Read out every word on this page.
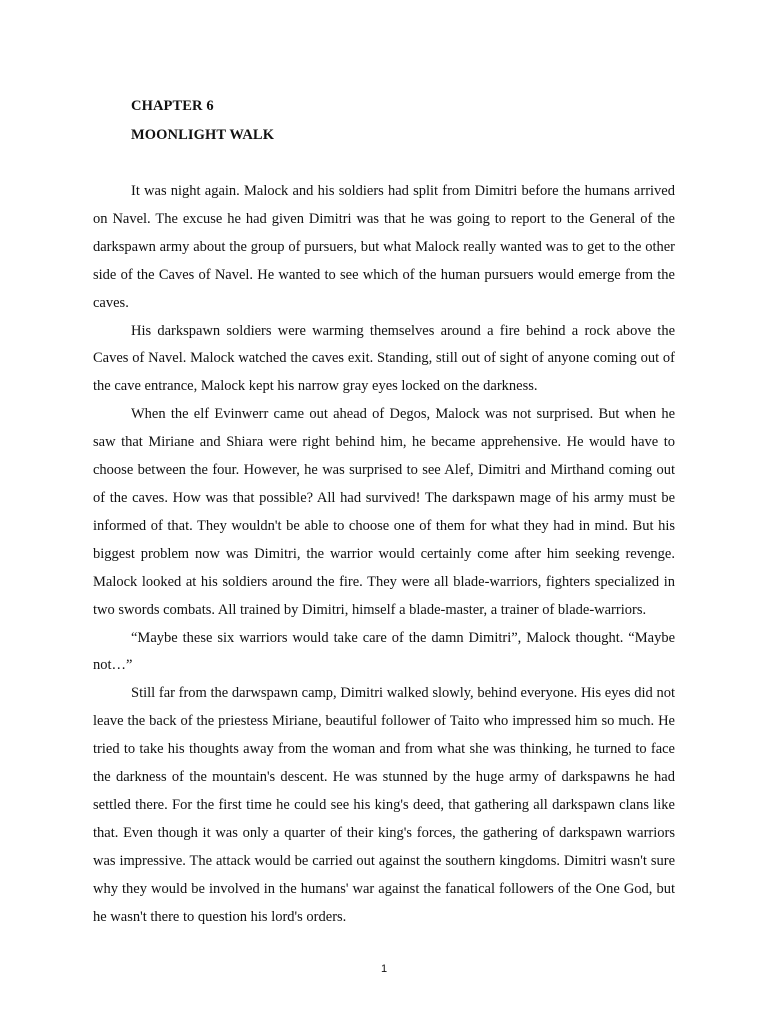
CHAPTER 6
MOONLIGHT WALK

It was night again. Malock and his soldiers had split from Dimitri before the humans arrived on Navel. The excuse he had given Dimitri was that he was going to report to the General of the darkspawn army about the group of pursuers, but what Malock really wanted was to get to the other side of the Caves of Navel. He wanted to see which of the human pursuers would emerge from the caves.

His darkspawn soldiers were warming themselves around a fire behind a rock above the Caves of Navel. Malock watched the caves exit. Standing, still out of sight of anyone coming out of the cave entrance, Malock kept his narrow gray eyes locked on the darkness.

When the elf Evinwerr came out ahead of Degos, Malock was not surprised. But when he saw that Miriane and Shiara were right behind him, he became apprehensive. He would have to choose between the four. However, he was surprised to see Alef, Dimitri and Mirthand coming out of the caves. How was that possible? All had survived! The darkspawn mage of his army must be informed of that. They wouldn't be able to choose one of them for what they had in mind. But his biggest problem now was Dimitri, the warrior would certainly come after him seeking revenge. Malock looked at his soldiers around the fire. They were all blade-warriors, fighters specialized in two swords combats. All trained by Dimitri, himself a blade-master, a trainer of blade-warriors.

“Maybe these six warriors would take care of the damn Dimitri”, Malock thought. “Maybe not…”

Still far from the darwspawn camp, Dimitri walked slowly, behind everyone. His eyes did not leave the back of the priestess Miriane, beautiful follower of Taito who impressed him so much. He tried to take his thoughts away from the woman and from what she was thinking, he turned to face the darkness of the mountain's descent. He was stunned by the huge army of darkspawns he had settled there. For the first time he could see his king's deed, that gathering all darkspawn clans like that. Even though it was only a quarter of their king's forces, the gathering of darkspawn warriors was impressive. The attack would be carried out against the southern kingdoms. Dimitri wasn't sure why they would be involved in the humans' war against the fanatical followers of the One God, but he wasn't there to question his lord's orders.

1
